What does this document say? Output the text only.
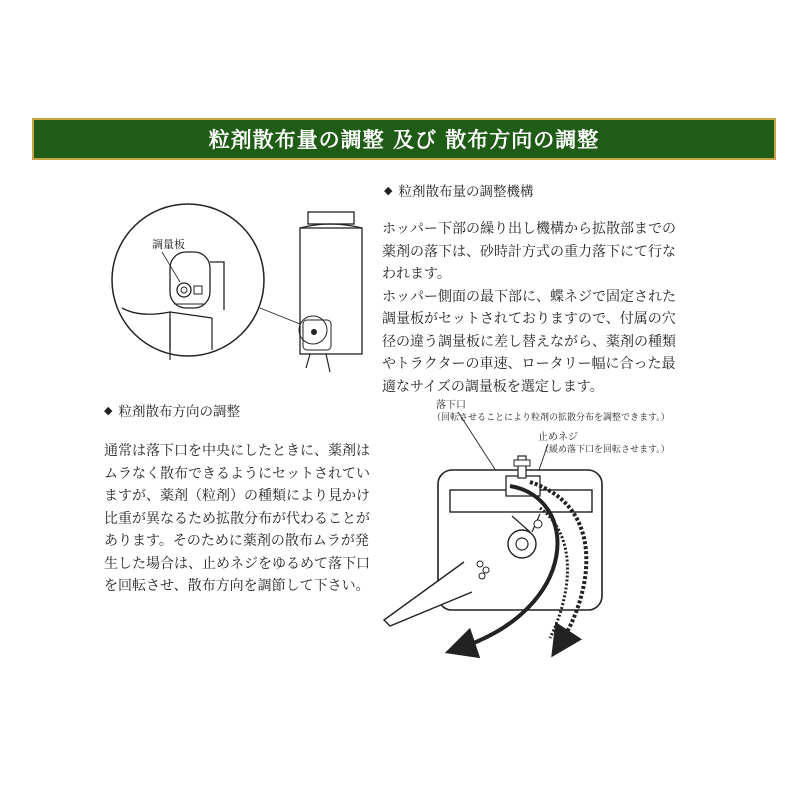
粒剤散布量の調整 及び 散布方向の調整
調量板
◆ 粒剤散布量の調整機構
ホッパー下部の繰り出し機構から拡散部までの
薬剤の落下は、砂時計方式の重力落下にて行な
われます。
ホッパー側面の最下部に、蝶ネジで固定された
調量板がセットされておりますので、付属の穴
径の違う調量板に差し替えながら、薬剤の種類
やトラクターの車速、ロータリー幅に合った最
適なサイズの調量板を選定します。
◆ 粒剤散布方向の調整
通常は落下口を中央にしたときに、薬剤は
ムラなく散布できるようにセットされてい
ますが、薬剤（粒剤）の種類により見かけ
比重が異なるため拡散分布が代わることが
あります。そのために薬剤の散布ムラが発
生した場合は、止めネジをゆるめて落下口
を回転させ、散布方向を調節して下さい。
落下口
（回転させることにより粒剤の拡散分布を調整できます。）
止めネジ
（緩め落下口を回転させます。）
